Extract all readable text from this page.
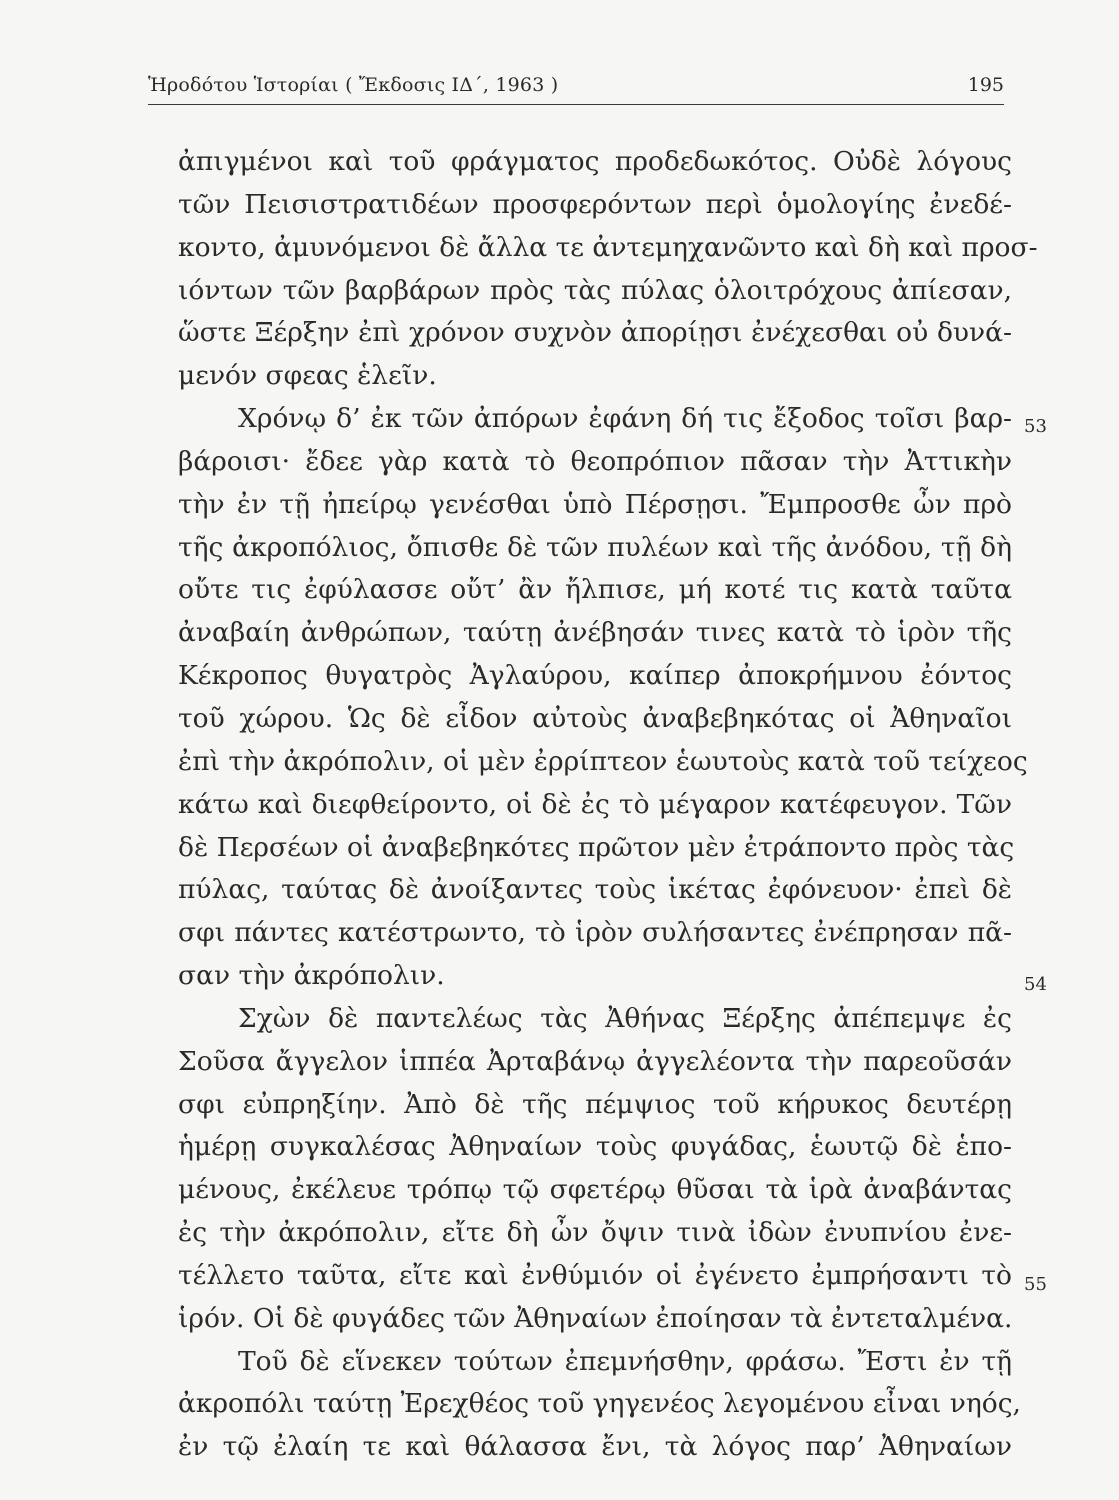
Ἡροδότου Ἱστορίαι ( Ἔκδοσις ΙΔ΄, 1963 )	195
ἀπιγμένοι καὶ τοῦ φράγματος προδεδωκότος. Οὐδὲ λόγους
τῶν Πεισιστρατιδέων προσφερόντων περὶ ὁμολογίης ἐνεδέ-
κοντο, ἀμυνόμενοι δὲ ἄλλα τε ἀντεμηχανῶντο καὶ δὴ καὶ προσ-
ιόντων τῶν βαρβάρων πρὸς τὰς πύλας ὁλοιτρόχους ἀπίεσαν,
ὥστε Ξέρξην ἐπὶ χρόνον συχνὸν ἀπορίῃσι ἐνέχεσθαι οὐ δυνά-
μενόν σφεας ἑλεῖν.
Χρόνῳ δ’ ἐκ τῶν ἀπόρων ἐφάνη δή τις ἔξοδος τοῖσι βαρ-
βάροισι· ἔδεε γὰρ κατὰ τὸ θεοπρόπιον πᾶσαν τὴν Ἀττικὴν
τὴν ἐν τῇ ἠπείρῳ γενέσθαι ὑπὸ Πέρσῃσι. Ἔμπροσθε ὦν πρὸ
τῆς ἀκροπόλιος, ὄπισθε δὲ τῶν πυλέων καὶ τῆς ἀνόδου, τῇ δὴ
οὔτε τις ἐφύλασσε οὔτ’ ἂν ἤλπισε, μή κοτέ τις κατὰ ταῦτα
ἀναβαίη ἀνθρώπων, ταύτῃ ἀνέβησάν τινες κατὰ τὸ ἱρὸν τῆς
Κέκροπος θυγατρὸς Ἀγλαύρου, καίπερ ἀποκρήμνου ἐόντος
τοῦ χώρου. Ὡς δὲ εἶδον αὐτοὺς ἀναβεβηκότας οἱ Ἀθηναῖοι
ἐπὶ τὴν ἀκρόπολιν, οἱ μὲν ἐρρίπτεον ἑωυτοὺς κατὰ τοῦ τείχεος
κάτω καὶ διεφθείροντο, οἱ δὲ ἐς τὸ μέγαρον κατέφευγον. Τῶν
δὲ Περσέων οἱ ἀναβεβηκότες πρῶτον μὲν ἐτράποντο πρὸς τὰς
πύλας, ταύτας δὲ ἀνοίξαντες τοὺς ἱκέτας ἐφόνευον· ἐπεὶ δὲ
σφι πάντες κατέστρωντο, τὸ ἱρὸν συλήσαντες ἐνέπρησαν πᾶ-
σαν τὴν ἀκρόπολιν.
Σχὼν δὲ παντελέως τὰς Ἀθήνας Ξέρξης ἀπέπεμψε ἐς
Σοῦσα ἄγγελον ἱππέα Ἀρταβάνῳ ἀγγελέοντα τὴν παρεοῦσάν
σφι εὐπρηξίην. Ἀπὸ δὲ τῆς πέμψιος τοῦ κήρυκος δευτέρῃ
ἡμέρῃ συγκαλέσας Ἀθηναίων τοὺς φυγάδας, ἑωυτῷ δὲ ἑπο-
μένους, ἐκέλευε τρόπῳ τῷ σφετέρῳ θῦσαι τὰ ἱρὰ ἀναβάντας
ἐς τὴν ἀκρόπολιν, εἴτε δὴ ὦν ὄψιν τινὰ ἰδὼν ἐνυπνίου ἐνε-
τέλλετο ταῦτα, εἴτε καὶ ἐνθύμιόν οἱ ἐγένετο ἐμπρήσαντι τὸ
ἱρόν. Οἱ δὲ φυγάδες τῶν Ἀθηναίων ἐποίησαν τὰ ἐντεταλμένα.
Τοῦ δὲ εἵνεκεν τούτων ἐπεμνήσθην, φράσω. Ἔστι ἐν τῇ
ἀκροπόλι ταύτῃ Ἐρεχθέος τοῦ γηγενέος λεγομένου εἶναι νηός,
ἐν τῷ ἐλαίη τε καὶ θάλασσα ἔνι, τὰ λόγος παρ’ Ἀθηναίων
53
54
55
